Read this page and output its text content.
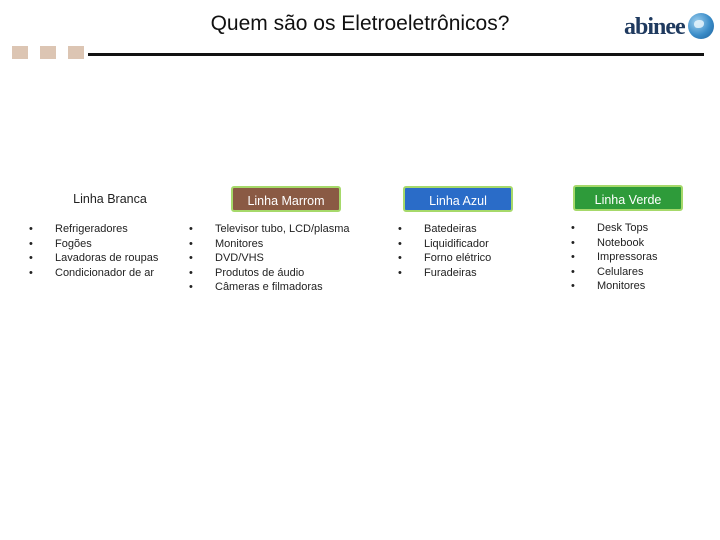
Quem são os Eletroeletrônicos?	abinee
Linha Branca	Linha Marrom	Linha Azul	Linha Verde
• Refrigeradores
• Fogões
• Lavadoras de roupas
• Condicionador de ar
• Televisor tubo, LCD/plasma
• Monitores
• DVD/VHS
• Produtos de áudio
• Câmeras e filmadoras
• Batedeiras
• Liquidificador
• Forno elétrico
• Furadeiras
• Desk Tops
• Notebook
• Impressoras
• Celulares
• Monitores
